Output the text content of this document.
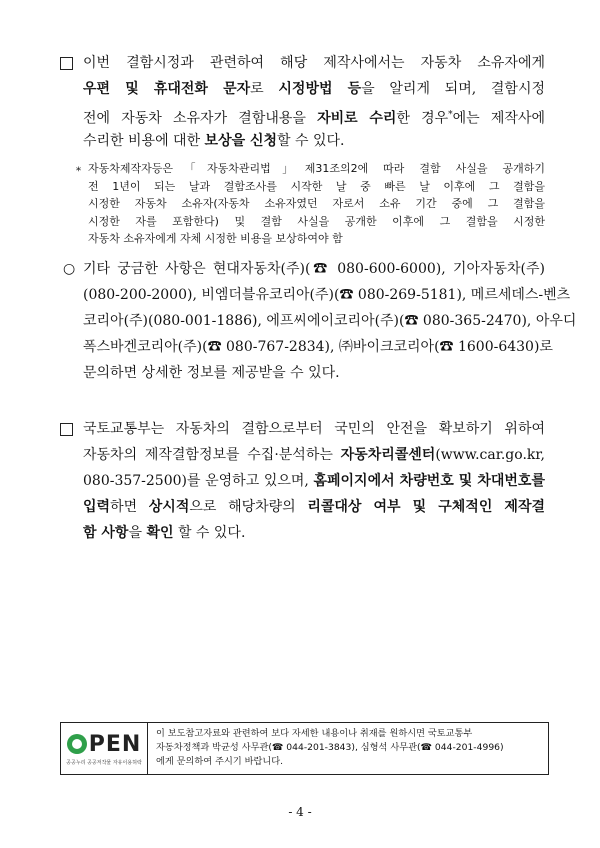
이번 결함시정과 관련하여 해당 제작사에서는 자동차 소유자에게
우편 및 휴대전화 문자로 시정방법 등을 알리게 되며, 결함시정
전에 자동차 소유자가 결함내용을 자비로 수리한 경우*에는 제작사에
수리한 비용에 대한 보상을 신청할 수 있다.
* 자동차제작자등은「자동차관리법」제31조의2에 따라 결함 사실을 공개하기
전 1년이 되는 날과 결함조사를 시작한 날 중 빠른 날 이후에 그 결함을
시정한 자동차 소유자(자동차 소유자였던 자로서 소유 기간 중에 그 결함을
시정한 자를 포함한다) 및 결함 사실을 공개한 이후에 그 결함을 시정한
자동차 소유자에게 자체 시정한 비용을 보상하여야 함
○ 기타 궁금한 사항은 현대자동차(주)(☎ 080-600-6000), 기아자동차(주)
(080-200-2000), 비엠더블유코리아(주)(☎ 080-269-5181), 메르세데스-벤츠
코리아(주)(080-001-1886), 에프씨에이코리아(주)(☎ 080-365-2470), 아우디
폭스바겐코리아(주)(☎ 080-767-2834), ㈜바이크코리아(☎ 1600-6430)로
문의하면 상세한 정보를 제공받을 수 있다.
국토교통부는 자동차의 결함으로부터 국민의 안전을 확보하기 위하여
자동차의 제작결함정보를 수집·분석하는 자동차리콜센터(www.car.go.kr,
080-357-2500)를 운영하고 있으며, 홈페이지에서 차량번호 및 차대번호를
입력하면 상시적으로 해당차량의 리콜대상 여부 및 구체적인 제작결
함 사항을 확인 할 수 있다.
PEN
공공누리 공공저작물 자유이용허락
이 보도참고자료와 관련하여 보다 자세한 내용이나 취재를 원하시면 국토교통부
자동차정책과 박균성 사무관(☎ 044-201-3843), 심형석 사무관(☎ 044-201-4996)
에게 문의하여 주시기 바랍니다.
- 4 -
